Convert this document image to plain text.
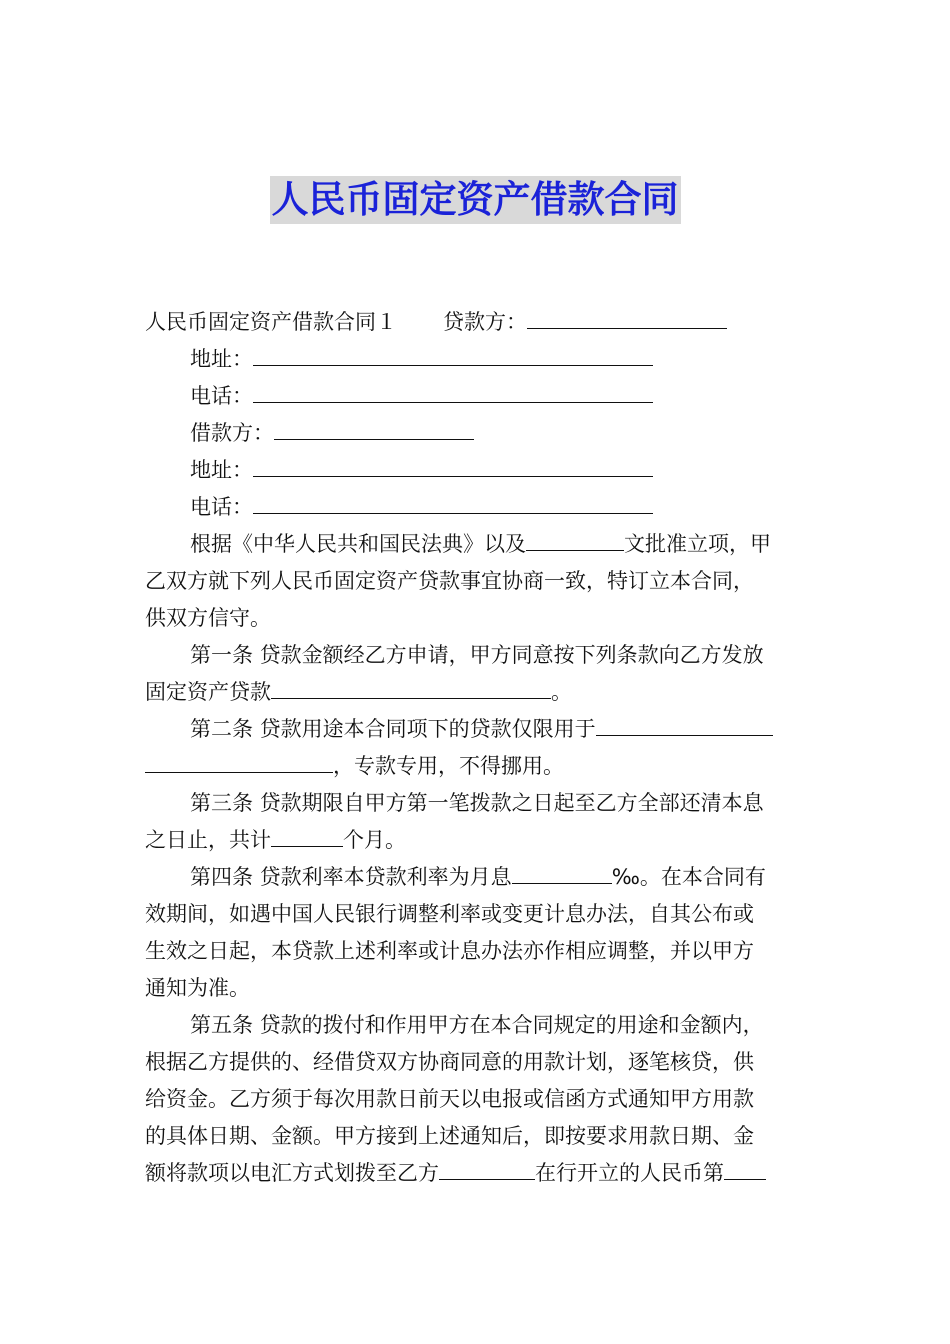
人民币固定资产借款合同
人民币固定资产借款合同１ 贷款方：
地址：
电话：
借款方：
地址：
电话：
根据《中华人民共和国民法典》以及	文批准立项，甲
乙双方就下列人民币固定资产贷款事宜协商一致，特订立本合同，
供双方信守。
第一条 贷款金额经乙方申请，甲方同意按下列条款向乙方发放
固定资产贷款	。
第二条 贷款用途本合同项下的贷款仅限用于
，专款专用，不得挪用。
第三条 贷款期限自甲方第一笔拨款之日起至乙方全部还清本息
之日止，共计	个月。
第四条 贷款利率本贷款利率为月息	‰。在本合同有
效期间，如遇中国人民银行调整利率或变更计息办法，自其公布或
生效之日起，本贷款上述利率或计息办法亦作相应调整，并以甲方
通知为准。
第五条 贷款的拨付和作用甲方在本合同规定的用途和金额内，
根据乙方提供的、经借贷双方协商同意的用款计划，逐笔核贷，供
给资金。乙方须于每次用款日前天以电报或信函方式通知甲方用款
的具体日期、金额。甲方接到上述通知后，即按要求用款日期、金
额将款项以电汇方式划拨至乙方	在行开立的人民币第
